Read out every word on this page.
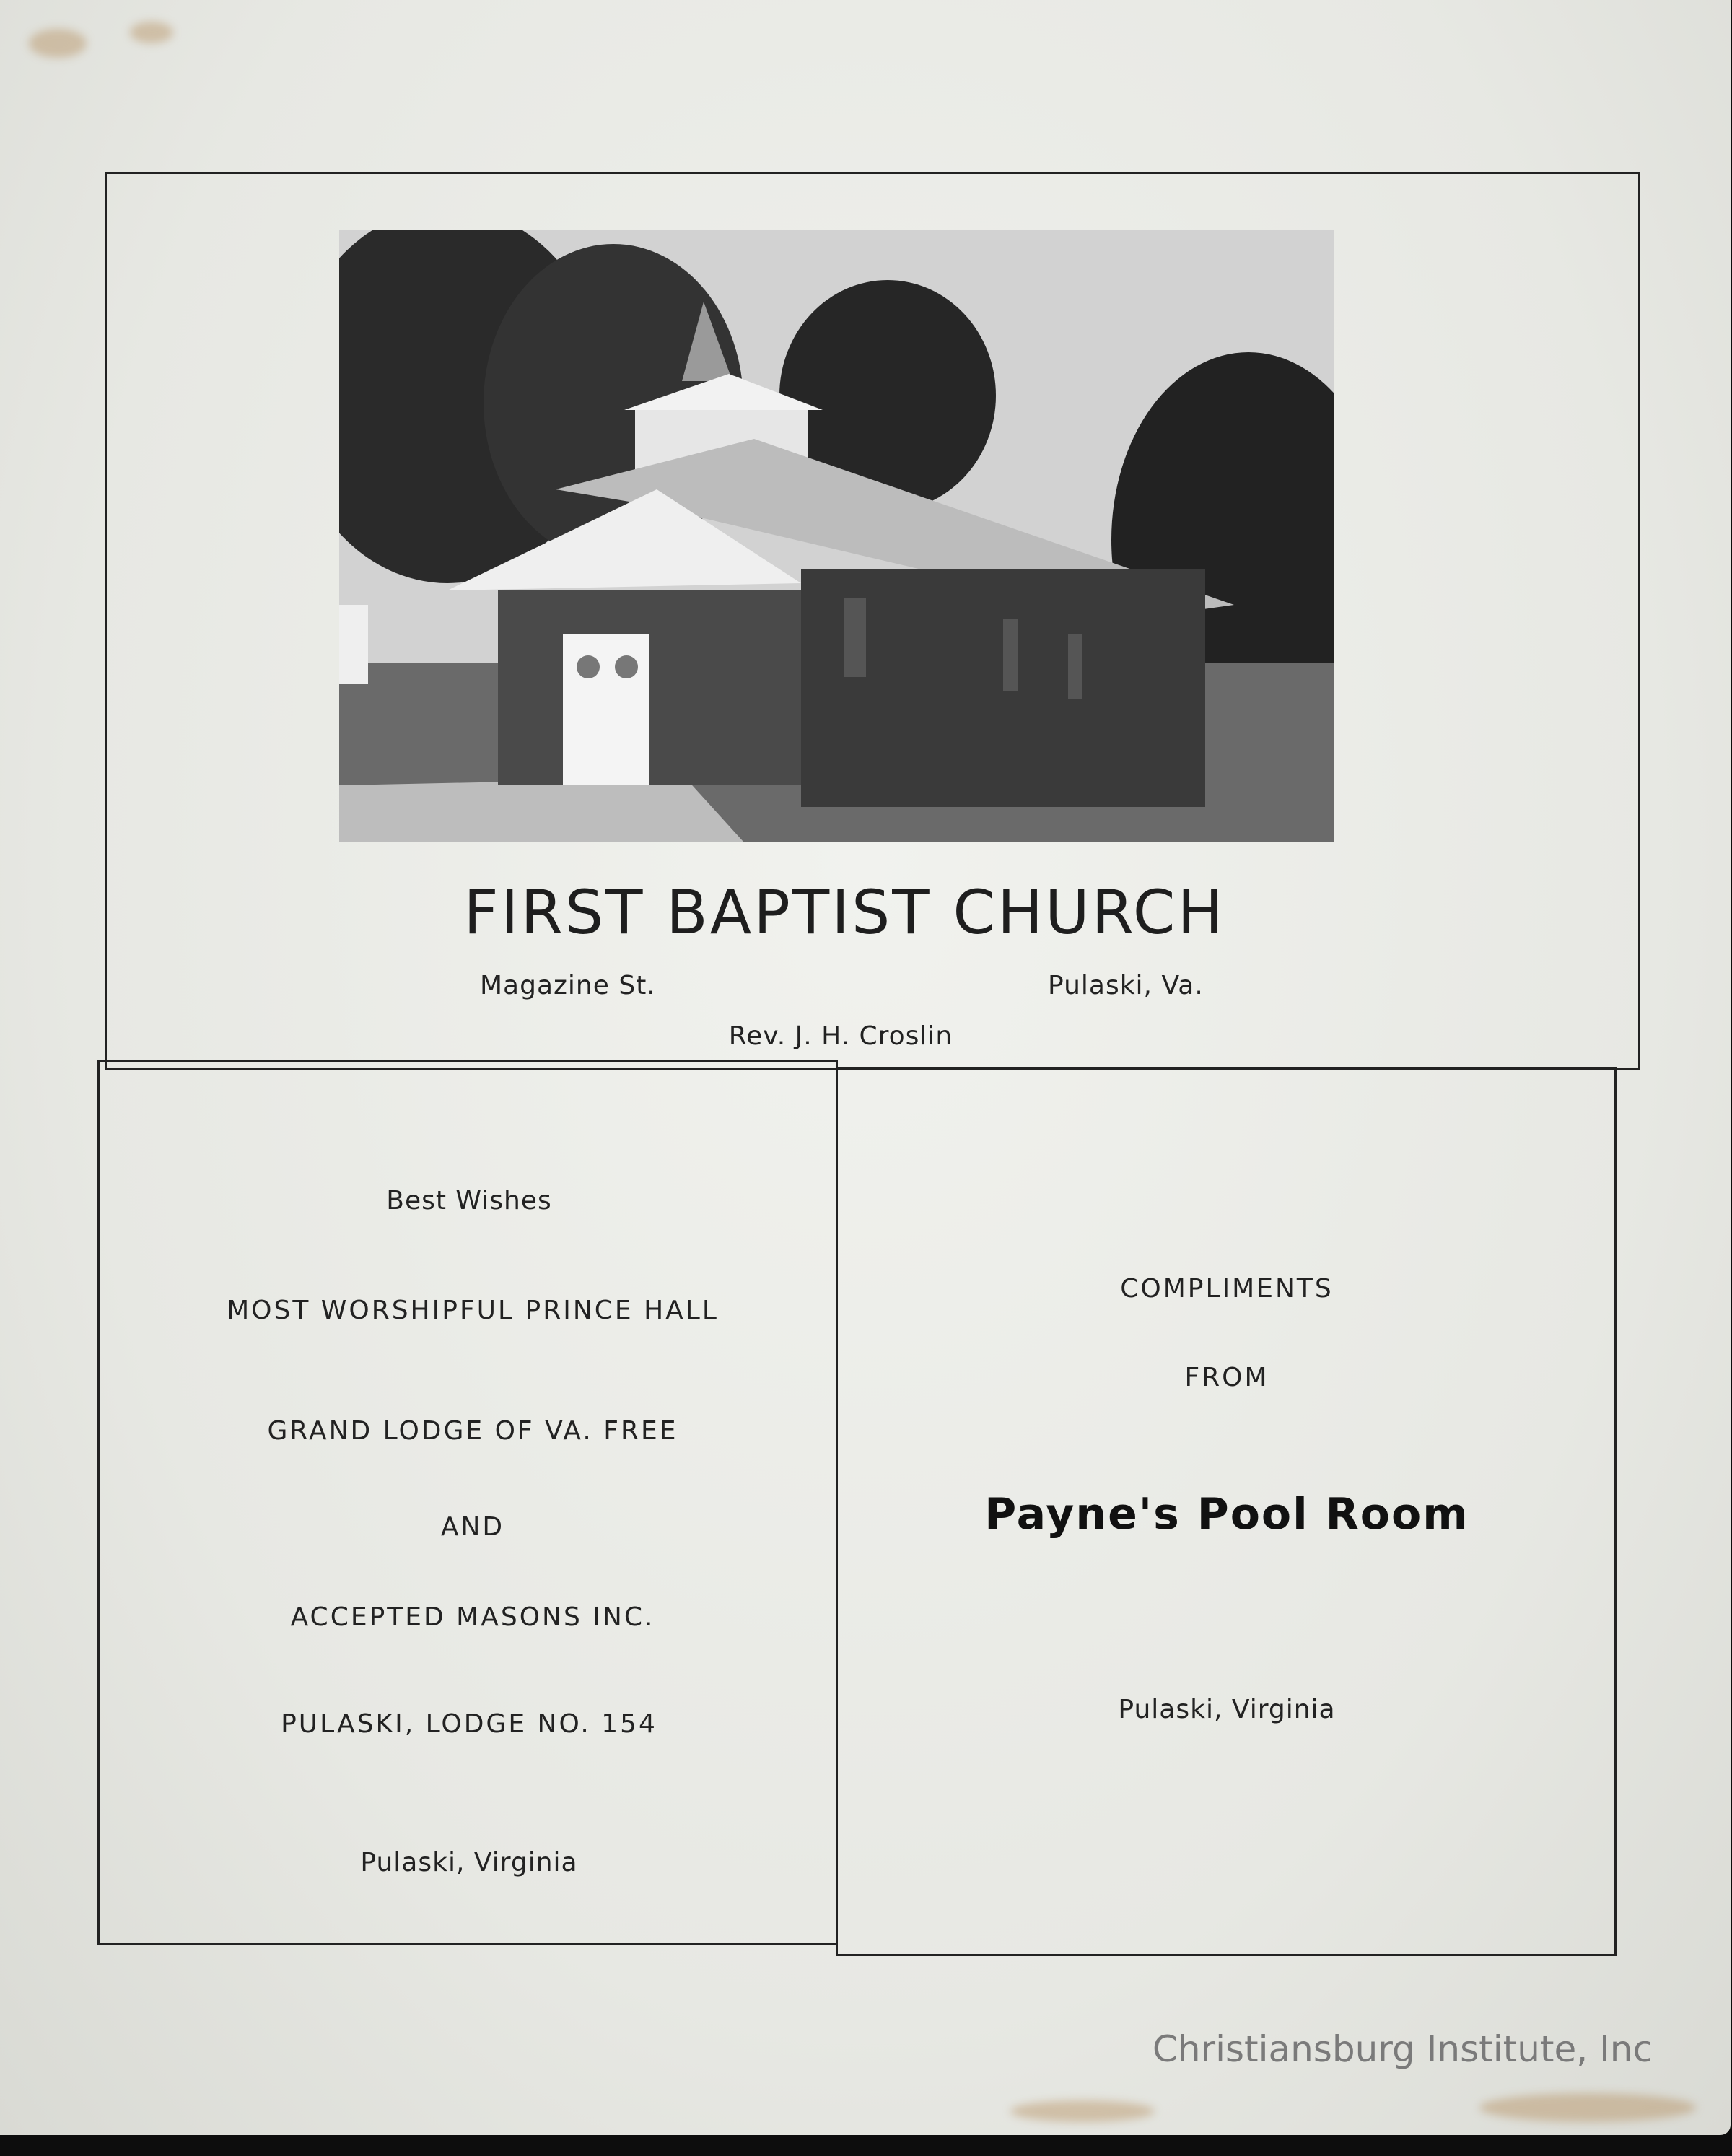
FIRST BAPTIST CHURCH
Magazine St.	Pulaski, Va.
Rev. J. H. Croslin
Best Wishes
MOST WORSHIPFUL PRINCE HALL
GRAND LODGE OF VA. FREE
AND
ACCEPTED MASONS INC.
PULASKI, LODGE NO. 154
Pulaski, Virginia
COMPLIMENTS
FROM
Payne's Pool Room
Pulaski, Virginia
Christiansburg Institute, Inc
